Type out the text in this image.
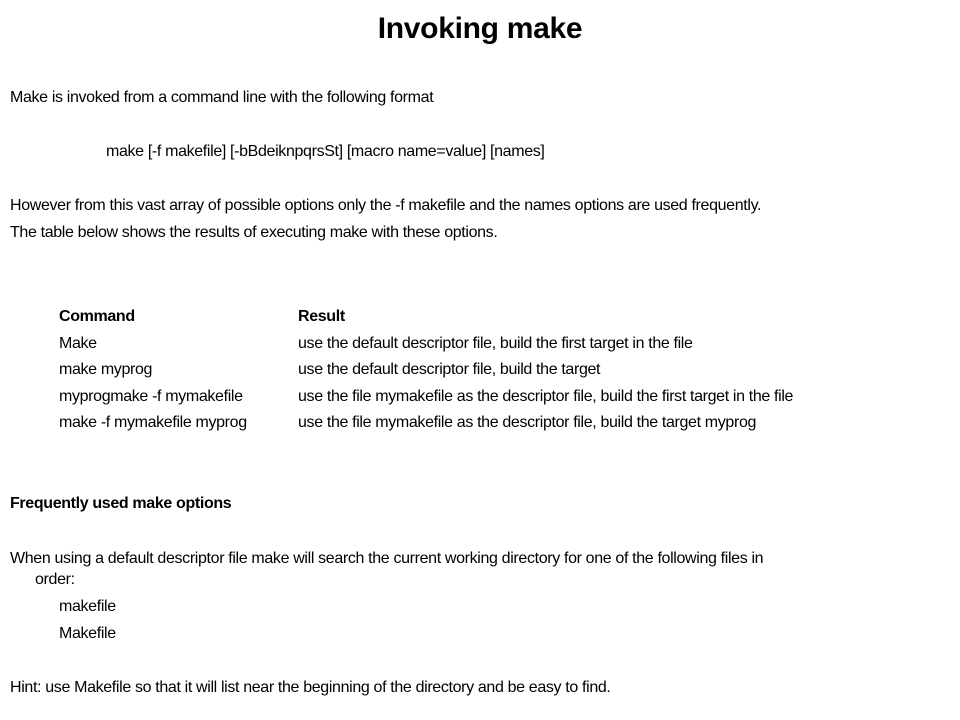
Invoking make
Make is invoked from a command line with the following format
make [-f makefile] [-bBdeiknpqrsSt] [macro name=value] [names]
However from this vast array of possible options only the -f makefile and the names options are used frequently.
The table below shows the results of executing make with these options.
Command	Result
Make	use the default descriptor file, build the first target in the file
make myprog	use the default descriptor file, build the target
myprogmake -f mymakefile	use the file mymakefile as the descriptor file, build the first target in the file
make -f mymakefile myprog	use the file mymakefile as the descriptor file, build the target myprog
Frequently used make options
When using a default descriptor file make will search the current working directory for one of the following files in
order:
makefile
Makefile
Hint: use Makefile so that it will list near the beginning of the directory and be easy to find.
